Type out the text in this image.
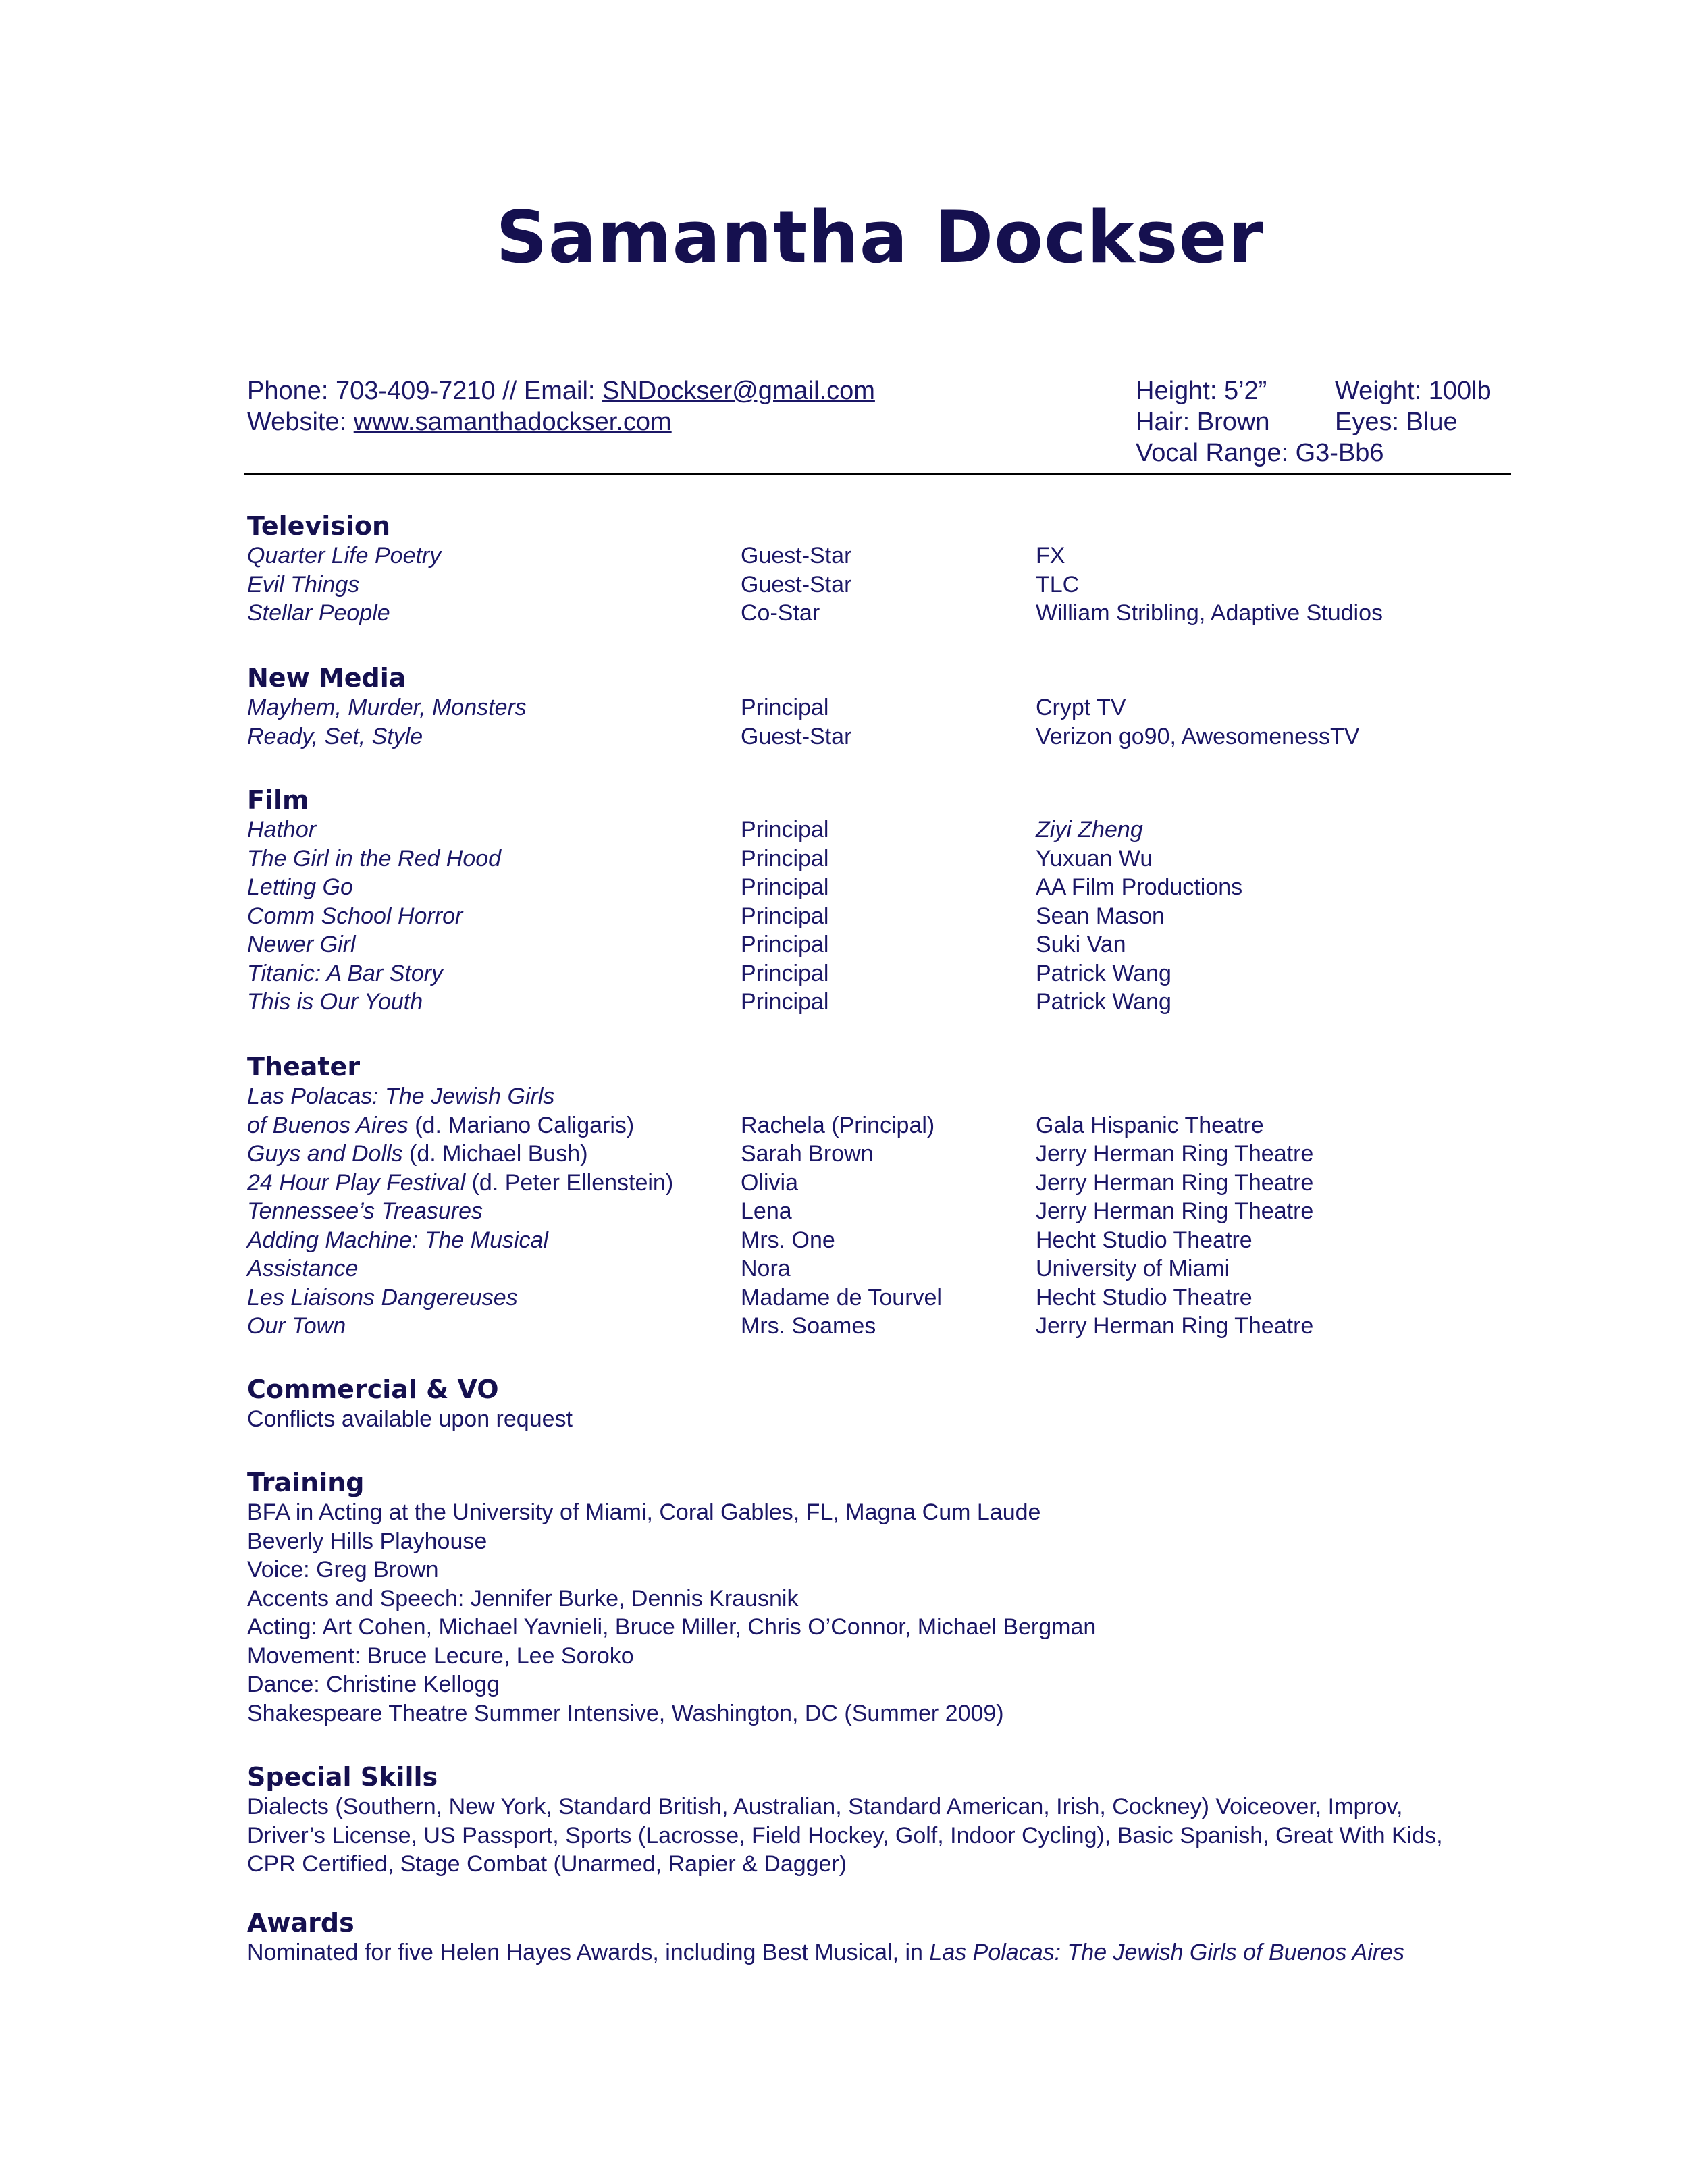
Samantha Dockser
Phone: 703-409-7210 // Email: SNDockser@gmail.com
Website: www.samanthadockser.com
Height: 5’2”	Weight: 100lb
Hair: Brown	Eyes: Blue
Vocal Range: G3-Bb6
Television
Quarter Life Poetry	Guest-Star	FX
Evil Things	Guest-Star	TLC
Stellar People	Co-Star	William Stribling, Adaptive Studios
New Media
Mayhem, Murder, Monsters	Principal	Crypt TV
Ready, Set, Style	Guest-Star	Verizon go90, AwesomenessTV
Film
Hathor	Principal	Ziyi Zheng
The Girl in the Red Hood	Principal	Yuxuan Wu
Letting Go	Principal	AA Film Productions
Comm School Horror	Principal	Sean Mason
Newer Girl	Principal	Suki Van
Titanic: A Bar Story	Principal	Patrick Wang
This is Our Youth	Principal	Patrick Wang
Theater
Las Polacas: The Jewish Girls
of Buenos Aires (d. Mariano Caligaris)	Rachela (Principal)	Gala Hispanic Theatre
Guys and Dolls (d. Michael Bush)	Sarah Brown	Jerry Herman Ring Theatre
24 Hour Play Festival (d. Peter Ellenstein)	Olivia	Jerry Herman Ring Theatre
Tennessee’s Treasures	Lena	Jerry Herman Ring Theatre
Adding Machine: The Musical	Mrs. One	Hecht Studio Theatre
Assistance	Nora	University of Miami
Les Liaisons Dangereuses	Madame de Tourvel	Hecht Studio Theatre
Our Town	Mrs. Soames	Jerry Herman Ring Theatre
Commercial & VO
Conflicts available upon request
Training
BFA in Acting at the University of Miami, Coral Gables, FL, Magna Cum Laude
Beverly Hills Playhouse
Voice: Greg Brown
Accents and Speech: Jennifer Burke, Dennis Krausnik
Acting: Art Cohen, Michael Yavnieli, Bruce Miller, Chris O’Connor, Michael Bergman
Movement: Bruce Lecure, Lee Soroko
Dance: Christine Kellogg
Shakespeare Theatre Summer Intensive, Washington, DC (Summer 2009)
Special Skills
Dialects (Southern, New York, Standard British, Australian, Standard American, Irish, Cockney) Voiceover, Improv,
Driver’s License, US Passport, Sports (Lacrosse, Field Hockey, Golf, Indoor Cycling), Basic Spanish, Great With Kids,
CPR Certified, Stage Combat (Unarmed, Rapier & Dagger)
Awards
Nominated for five Helen Hayes Awards, including Best Musical, in Las Polacas: The Jewish Girls of Buenos Aires
